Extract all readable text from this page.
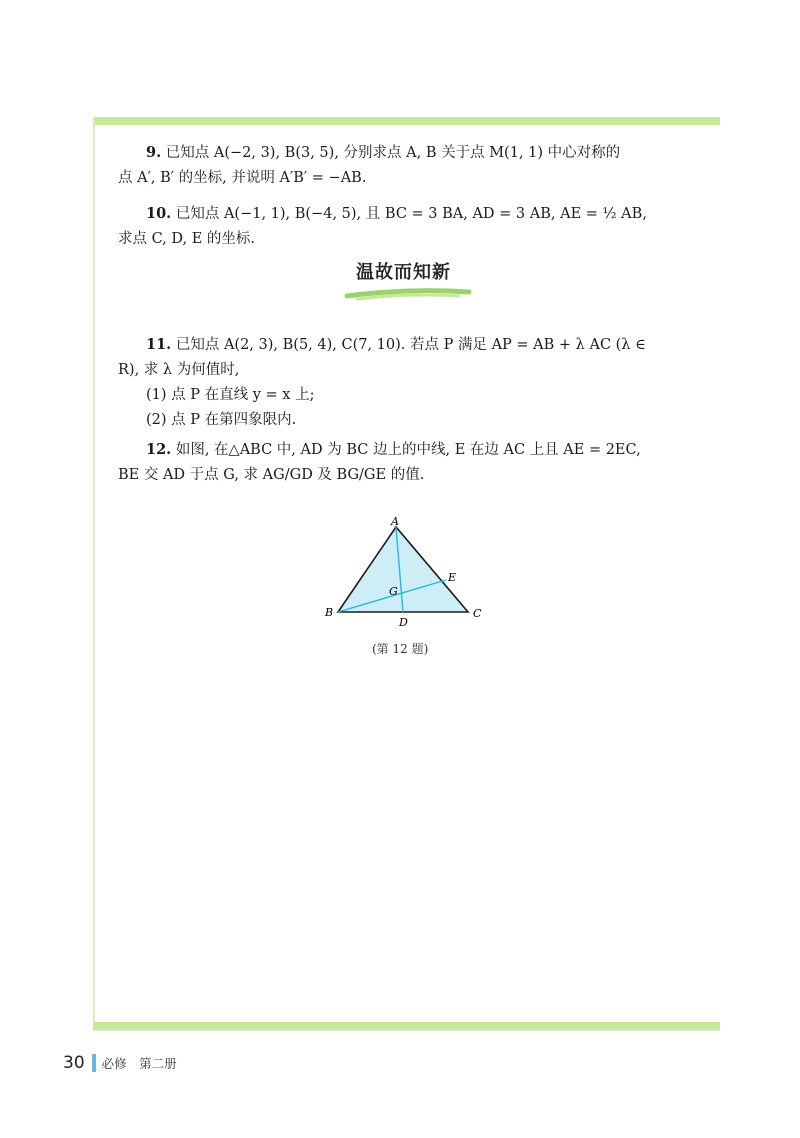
9. 已知点 A(−2, 3), B(3, 5), 分别求点 A, B 关于点 M(1, 1) 中心对称的

点 A′, B′ 的坐标, 并说明 A′B′ = −AB.

10. 已知点 A(−1, 1), B(−4, 5), 且 BC = 3 BA, AD = 3 AB, AE = ½ AB,

求点 C, D, E 的坐标.

温故而知新

11. 已知点 A(2, 3), B(5, 4), C(7, 10). 若点 P 满足 AP = AB + λ AC (λ ∈

R), 求 λ 为何值时,

(1) 点 P 在直线 y = x 上;

(2) 点 P 在第四象限内.

12. 如图, 在△ABC 中, AD 为 BC 边上的中线, E 在边 AC 上且 AE = 2EC,

BE 交 AD 于点 G, 求 AG/GD 及 BG/GE 的值.

A
B	C
D
E
G
(第 12 题)
30 必修　第二册
